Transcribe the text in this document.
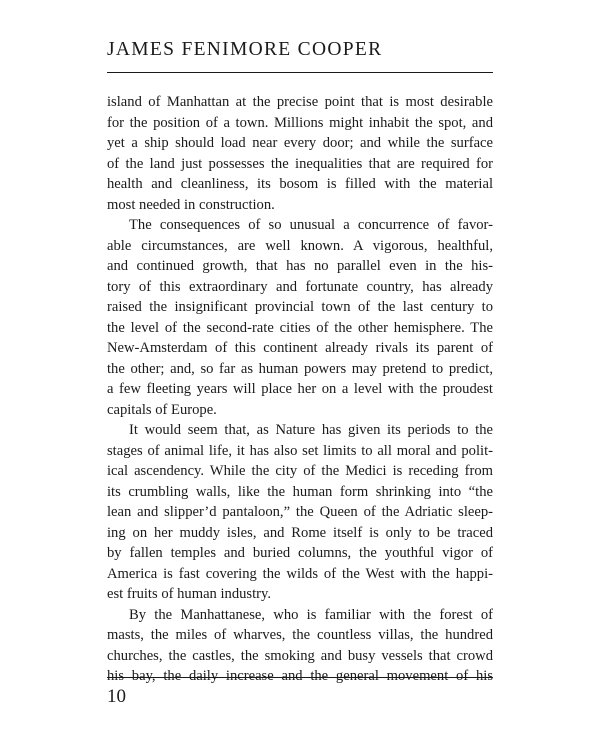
JAMES FENIMORE COOPER
island of Manhattan at the precise point that is most desirable
for the position of a town. Millions might inhabit the spot, and
yet a ship should load near every door; and while the surface
of the land just possesses the inequalities that are required for
health and cleanliness, its bosom is filled with the material
most needed in construction.
The consequences of so unusual a concurrence of favor-
able circumstances, are well known. A vigorous, healthful,
and continued growth, that has no parallel even in the his-
tory of this extraordinary and fortunate country, has already
raised the insignificant provincial town of the last century to
the level of the second-rate cities of the other hemisphere. The
New-Amsterdam of this continent already rivals its parent of
the other; and, so far as human powers may pretend to predict,
a few fleeting years will place her on a level with the proudest
capitals of Europe.
It would seem that, as Nature has given its periods to the
stages of animal life, it has also set limits to all moral and polit-
ical ascendency. While the city of the Medici is receding from
its crumbling walls, like the human form shrinking into “the
lean and slipper’d pantaloon,” the Queen of the Adriatic sleep-
ing on her muddy isles, and Rome itself is only to be traced
by fallen temples and buried columns, the youthful vigor of
America is fast covering the wilds of the West with the happi-
est fruits of human industry.
By the Manhattanese, who is familiar with the forest of
masts, the miles of wharves, the countless villas, the hundred
churches, the castles, the smoking and busy vessels that crowd
his bay, the daily increase and the general movement of his
10
